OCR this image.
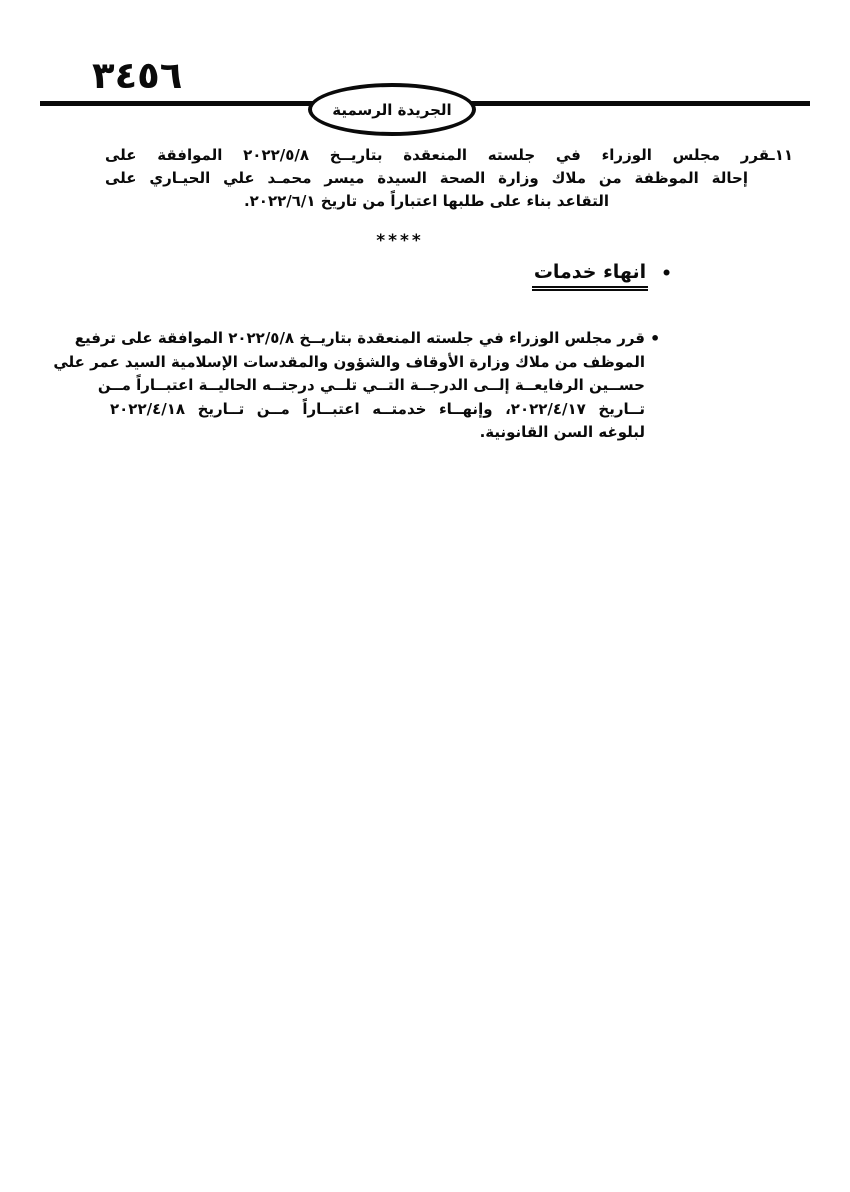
٣٤٥٦
الجريدة الرسمية
١١ـقرر مجلس الوزراء في جلسته المنعقدة بتاريــخ ٢٠٢٢/٥/٨ الموافقة على
إحالة الموظفة من ملاك وزارة الصحة السيدة ميسر محمـد علي الحيـاري على
التقاعد بناء على طلبها اعتباراً من تاريخ ٢٠٢٢/٦/١.
****
•
انهاء خدمات
•
قرر مجلس الوزراء في جلسته المنعقدة بتاريــخ ٢٠٢٢/٥/٨ الموافقة على ترفيع
الموظف من ملاك وزارة الأوقاف والشؤون والمقدسات الإسلامية السيد عمر علي
حســين الرفايعــة إلــى الدرجــة التــي تلــي درجتــه الحاليــة اعتبــاراً مــن
تــاريخ ٢٠٢٢/٤/١٧، وإنهــاء خدمتــه اعتبــاراً مــن تــاريخ ٢٠٢٢/٤/١٨
لبلوغه السن القانونية.
